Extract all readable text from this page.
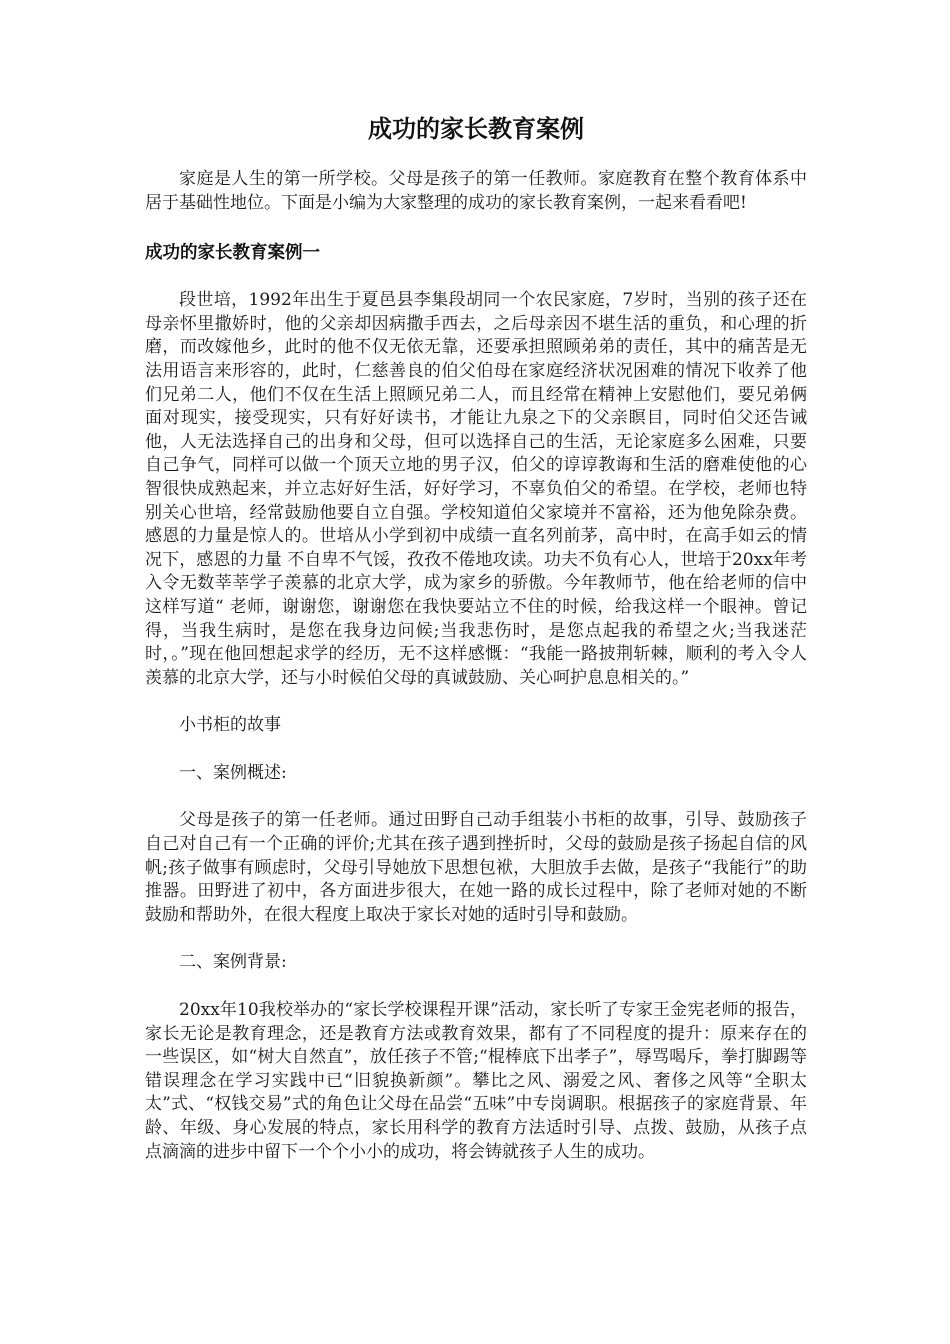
成功的家长教育案例

家庭是人生的第一所学校。父母是孩子的第一任教师。家庭教育在整个教育体系中居于基础性地位。下面是小编为大家整理的成功的家长教育案例，一起来看看吧!

成功的家长教育案例一

段世培，1992年出生于夏邑县李集段胡同一个农民家庭，7岁时，当别的孩子还在母亲怀里撒娇时，他的父亲却因病撒手西去，之后母亲因不堪生活的重负，和心理的折磨，而改嫁他乡，此时的他不仅无依无靠，还要承担照顾弟弟的责任，其中的痛苦是无法用语言来形容的，此时，仁慈善良的伯父伯母在家庭经济状况困难的情况下收养了他们兄弟二人，他们不仅在生活上照顾兄弟二人，而且经常在精神上安慰他们，要兄弟俩面对现实，接受现实，只有好好读书，才能让九泉之下的父亲瞑目，同时伯父还告诫他，人无法选择自己的出身和父母，但可以选择自己的生活，无论家庭多么困难，只要自己争气，同样可以做一个顶天立地的男子汉，伯父的谆谆教诲和生活的磨难使他的心智很快成熟起来，并立志好好生活，好好学习，不辜负伯父的希望。在学校，老师也特别关心世培，经常鼓励他要自立自强。学校知道伯父家境并不富裕，还为他免除杂费。感恩的力量是惊人的。世培从小学到初中成绩一直名列前茅，高中时，在高手如云的情况下，感恩的力量 不自卑不气馁，孜孜不倦地攻读。功夫不负有心人，世培于20xx年考入令无数莘莘学子羡慕的北京大学，成为家乡的骄傲。今年教师节，他在给老师的信中这样写道“ 老师，谢谢您，谢谢您在我快要站立不住的时候，给我这样一个眼神。曾记得，当我生病时，是您在我身边问候;当我悲伤时，是您点起我的希望之火;当我迷茫时，。”现在他回想起求学的经历，无不这样感慨：“我能一路披荆斩棘，顺利的考入令人羡慕的北京大学，还与小时候伯父母的真诚鼓励、关心呵护息息相关的。”

小书柜的故事

一、案例概述:

父母是孩子的第一任老师。通过田野自己动手组装小书柜的故事，引导、鼓励孩子自己对自己有一个正确的评价;尤其在孩子遇到挫折时，父母的鼓励是孩子扬起自信的风帆;孩子做事有顾虑时，父母引导她放下思想包袱，大胆放手去做，是孩子“我能行”的助推器。田野进了初中，各方面进步很大，在她一路的成长过程中，除了老师对她的不断鼓励和帮助外，在很大程度上取决于家长对她的适时引导和鼓励。

二、案例背景:

20xx年10我校举办的“家长学校课程开课”活动，家长听了专家王金宪老师的报告，家长无论是教育理念，还是教育方法或教育效果，都有了不同程度的提升：原来存在的一些误区，如“树大自然直”，放任孩子不管;“棍棒底下出孝子”，辱骂喝斥，拳打脚踢等错误理念在学习实践中已“旧貌换新颜”。攀比之风、溺爱之风、奢侈之风等“全职太太”式、“权钱交易”式的角色让父母在品尝“五味”中专岗调职。根据孩子的家庭背景、年龄、年级、身心发展的特点，家长用科学的教育方法适时引导、点拨、鼓励，从孩子点点滴滴的进步中留下一个个小小的成功，将会铸就孩子人生的成功。
